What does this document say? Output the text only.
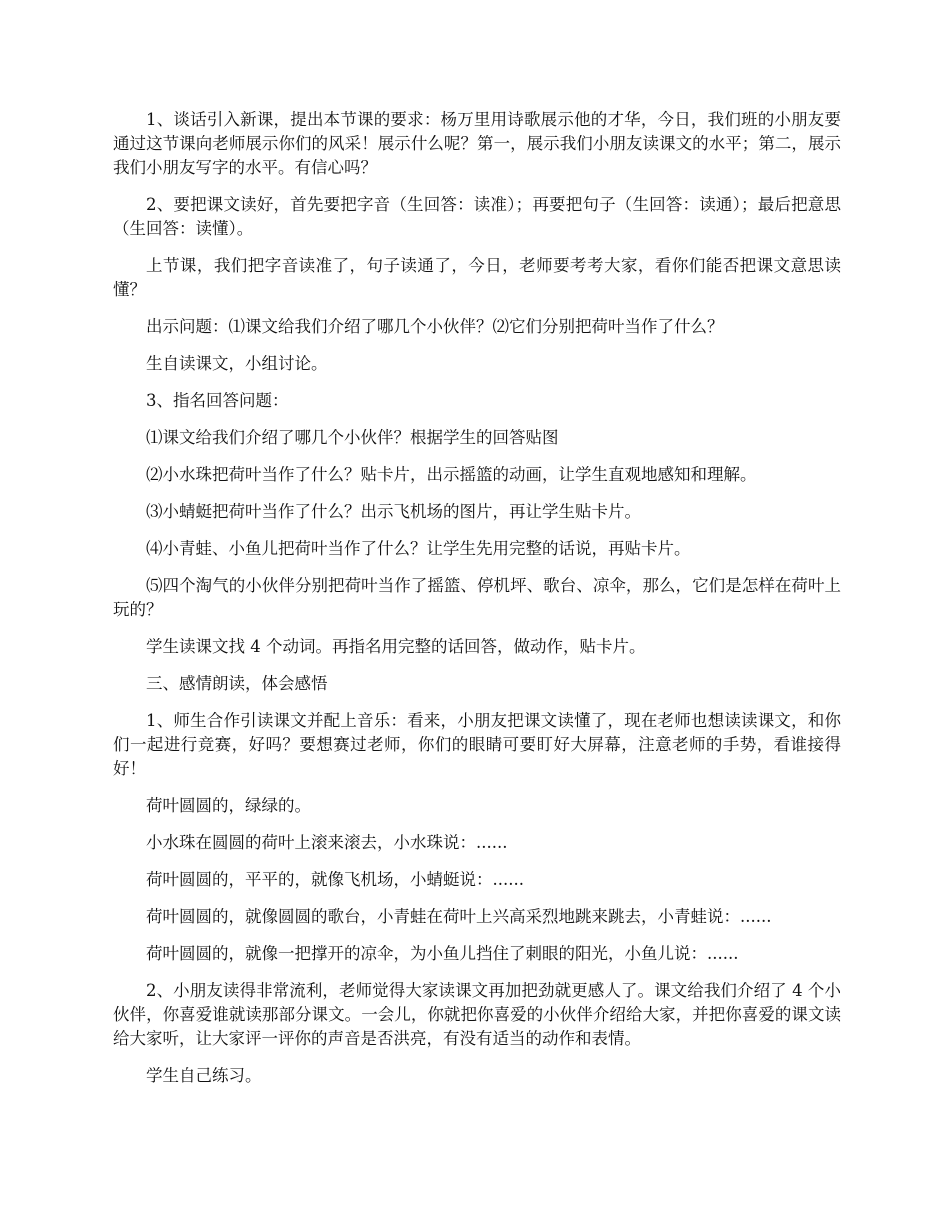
1、谈话引入新课，提出本节课的要求：杨万里用诗歌展示他的才华，今日，我们班的小朋友要通过这节课向老师展示你们的风采！展示什么呢？第一，展示我们小朋友读课文的水平；第二，展示我们小朋友写字的水平。有信心吗？

2、要把课文读好，首先要把字音（生回答：读准）；再要把句子（生回答：读通）；最后把意思（生回答：读懂）。

上节课，我们把字音读准了，句子读通了，今日，老师要考考大家，看你们能否把课文意思读懂？

出示问题：⑴课文给我们介绍了哪几个小伙伴？⑵它们分别把荷叶当作了什么？

生自读课文，小组讨论。

3、指名回答问题：

⑴课文给我们介绍了哪几个小伙伴？根据学生的回答贴图

⑵小水珠把荷叶当作了什么？贴卡片，出示摇篮的动画，让学生直观地感知和理解。

⑶小蜻蜓把荷叶当作了什么？出示飞机场的图片，再让学生贴卡片。

⑷小青蛙、小鱼儿把荷叶当作了什么？让学生先用完整的话说，再贴卡片。

⑸四个淘气的小伙伴分别把荷叶当作了摇篮、停机坪、歌台、凉伞，那么，它们是怎样在荷叶上玩的？

学生读课文找 4 个动词。再指名用完整的话回答，做动作，贴卡片。

三、感情朗读，体会感悟

1、师生合作引读课文并配上音乐：看来，小朋友把课文读懂了，现在老师也想读读课文，和你们一起进行竞赛，好吗？要想赛过老师，你们的眼睛可要盯好大屏幕，注意老师的手势，看谁接得好！

荷叶圆圆的，绿绿的。

小水珠在圆圆的荷叶上滚来滚去，小水珠说：......

荷叶圆圆的，平平的，就像飞机场，小蜻蜓说：......

荷叶圆圆的，就像圆圆的歌台，小青蛙在荷叶上兴高采烈地跳来跳去，小青蛙说：......

荷叶圆圆的，就像一把撑开的凉伞，为小鱼儿挡住了刺眼的阳光，小鱼儿说：......

2、小朋友读得非常流利，老师觉得大家读课文再加把劲就更感人了。课文给我们介绍了 4 个小伙伴，你喜爱谁就读那部分课文。一会儿，你就把你喜爱的小伙伴介绍给大家，并把你喜爱的课文读给大家听，让大家评一评你的声音是否洪亮，有没有适当的动作和表情。

学生自己练习。
